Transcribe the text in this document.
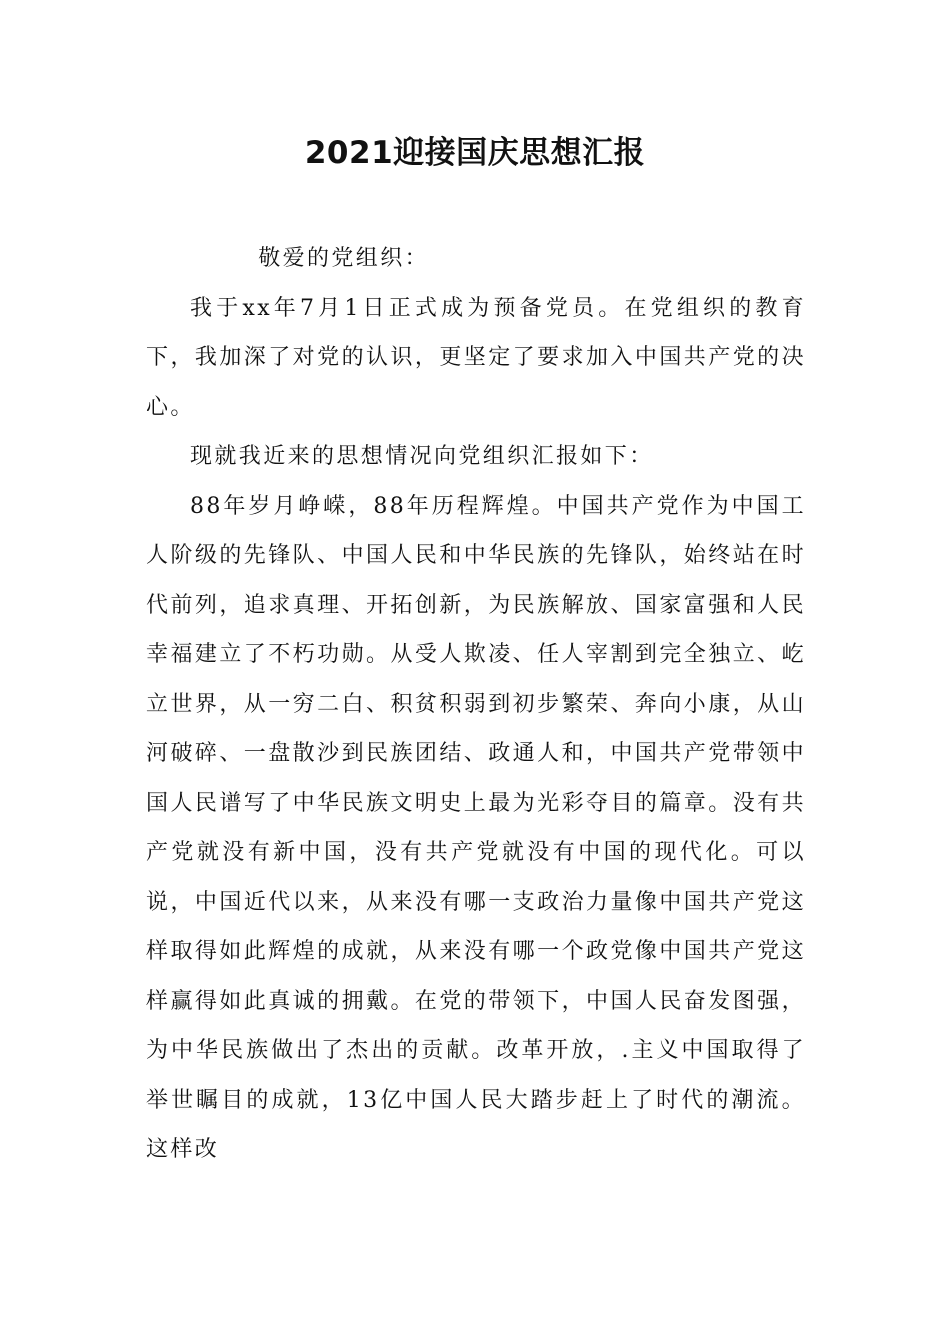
2021迎接国庆思想汇报

敬爱的党组织：

我于xx年7月1日正式成为预备党员。在党组织的教育下，我加深了对党的认识，更坚定了要求加入中国共产党的决心。

现就我近来的思想情况向党组织汇报如下：

88年岁月峥嵘，88年历程辉煌。中国共产党作为中国工人阶级的先锋队、中国人民和中华民族的先锋队，始终站在时代前列，追求真理、开拓创新，为民族解放、国家富强和人民幸福建立了不朽功勋。从受人欺凌、任人宰割到完全独立、屹立世界，从一穷二白、积贫积弱到初步繁荣、奔向小康，从山河破碎、一盘散沙到民族团结、政通人和，中国共产党带领中国人民谱写了中华民族文明史上最为光彩夺目的篇章。没有共产党就没有新中国，没有共产党就没有中国的现代化。可以说，中国近代以来，从来没有哪一支政治力量像中国共产党这样取得如此辉煌的成就，从来没有哪一个政党像中国共产党这样赢得如此真诚的拥戴。在党的带领下，中国人民奋发图强，为中华民族做出了杰出的贡献。改革开放，.主义中国取得了举世瞩目的成就，13亿中国人民大踏步赶上了时代的潮流。这样改
